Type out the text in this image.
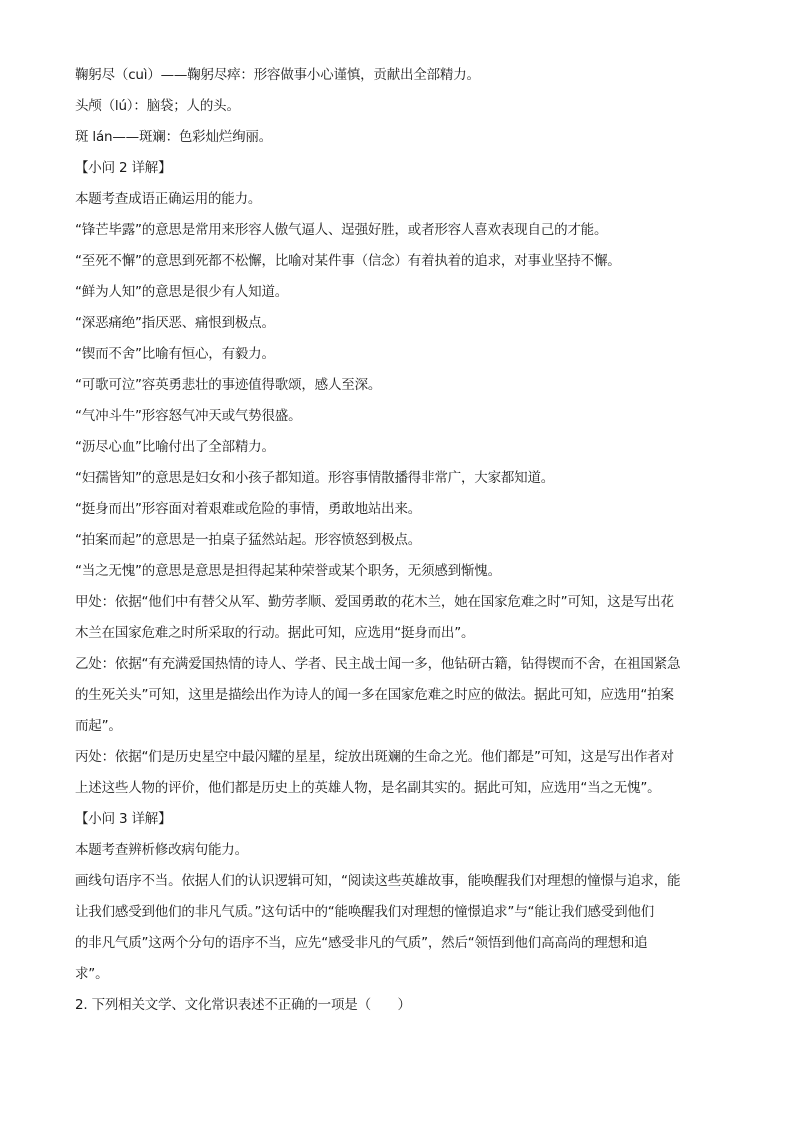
鞠躬尽（cuì）——鞠躬尽瘁：形容做事小心谨慎，贡献出全部精力。
头颅（lú）：脑袋；人的头。
斑 lán——斑斓：色彩灿烂绚丽。
【小问 2 详解】
本题考查成语正确运用的能力。
“锋芒毕露”的意思是常用来形容人傲气逼人、逞强好胜，或者形容人喜欢表现自己的才能。
“至死不懈”的意思到死都不松懈，比喻对某件事（信念）有着执着的追求，对事业坚持不懈。
“鲜为人知”的意思是很少有人知道。
“深恶痛绝”指厌恶、痛恨到极点。
“锲而不舍”比喻有恒心，有毅力。
“可歌可泣”容英勇悲壮的事迹值得歌颂，感人至深。
“气冲斗牛”形容怒气冲天或气势很盛。
“沥尽心血”比喻付出了全部精力。
“妇孺皆知”的意思是妇女和小孩子都知道。形容事情散播得非常广，大家都知道。
“挺身而出”形容面对着艰难或危险的事情，勇敢地站出来。
“拍案而起”的意思是一拍桌子猛然站起。形容愤怒到极点。
“当之无愧”的意思是意思是担得起某种荣誉或某个职务，无须感到惭愧。
甲处：依据“他们中有替父从军、勤劳孝顺、爱国勇敢的花木兰，她在国家危难之时”可知，这是写出花
木兰在国家危难之时所采取的行动。据此可知，应选用“挺身而出”。
乙处：依据“有充满爱国热情的诗人、学者、民主战士闻一多，他钻研古籍，钻得锲而不舍，在祖国紧急
的生死关头”可知，这里是描绘出作为诗人的闻一多在国家危难之时应的做法。据此可知，应选用“拍案
而起”。
丙处：依据“们是历史星空中最闪耀的星星，绽放出斑斓的生命之光。他们都是”可知，这是写出作者对
上述这些人物的评价，他们都是历史上的英雄人物，是名副其实的。据此可知，应选用“当之无愧”。
【小问 3 详解】
本题考查辨析修改病句能力。
画线句语序不当。依据人们的认识逻辑可知，“阅读这些英雄故事，能唤醒我们对理想的憧憬与追求，能
让我们感受到他们的非凡气质。”这句话中的“能唤醒我们对理想的憧憬追求”与“能让我们感受到他们
的非凡气质”这两个分句的语序不当，应先“感受非凡的气质”，然后“领悟到他们高高尚的理想和追
求”。
2. 下列相关文学、文化常识表述不正确的一项是（　　）
